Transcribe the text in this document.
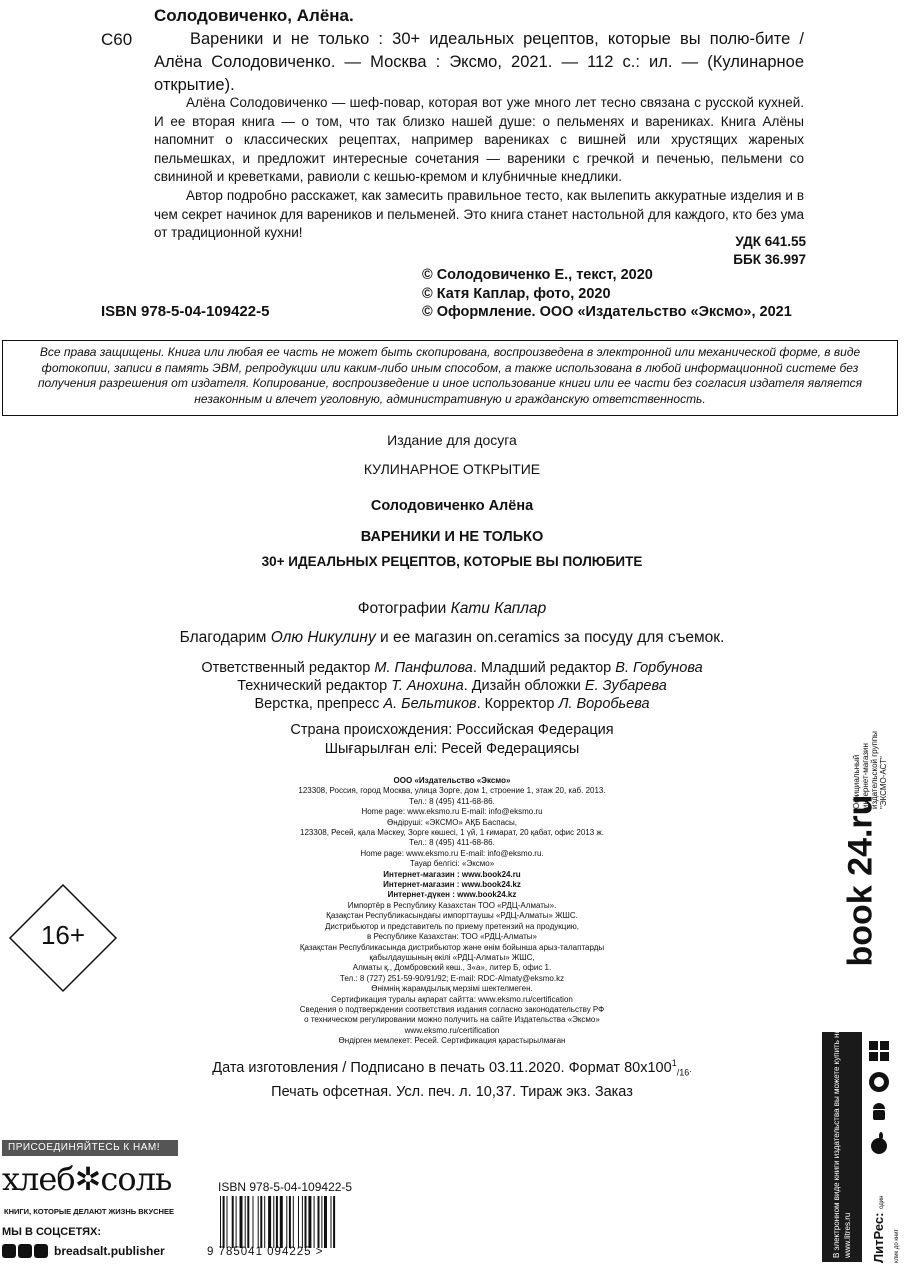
Солодовиченко, Алёна.
С60	Вареники и не только : 30+ идеальных рецептов, которые вы полю-бите / Алёна Солодовиченко. — Москва : Эксмо, 2021. — 112 с.: ил. — (Кулинарное открытие).

Алёна Солодовиченко — шеф-повар, которая вот уже много лет тесно связана с русской кухней. И ее вторая книга — о том, что так близко нашей душе: о пельменях и варениках. Книга Алёны напомнит о классических рецептах, например варениках с вишней или хрустящих жареных пельмешках, и предложит интересные сочетания — вареники с гречкой и печенью, пельмени со свининой и креветками, равиоли с кешью-кремом и клубничные кнедлики.

Автор подробно расскажет, как замесить правильное тесто, как вылепить аккуратные изделия и в чем секрет начинок для вареников и пельменей. Это книга станет настольной для каждого, кто без ума от традиционной кухни!

УДК 641.55
ББК 36.997
© Солодовиченко Е., текст, 2020
© Катя Каплар, фото, 2020
© Оформление. ООО «Издательство «Эксмо», 2021
ISBN 978-5-04-109422-5
Все права защищены. Книга или любая ее часть не может быть скопирована, воспроизведена в электронной или механической форме, в виде фотокопии, записи в память ЭВМ, репродукции или каким-либо иным способом, а также использована в любой информационной системе без получения разрешения от издателя. Копирование, воспроизведение и иное использование книги или ее части без согласия издателя является незаконным и влечет уголовную, административную и гражданскую ответственность.
Издание для досуга
КУЛИНАРНОЕ ОТКРЫТИЕ
Солодовиченко Алёна
ВАРЕНИКИ И НЕ ТОЛЬКО
30+ ИДЕАЛЬНЫХ РЕЦЕПТОВ, КОТОРЫЕ ВЫ ПОЛЮБИТЕ
Фотографии Кати Каплар
Благодарим Олю Никулину и ее магазин on.ceramics за посуду для съемок.
Ответственный редактор М. Панфилова. Младший редактор В. Горбунова
Технический редактор Т. Анохина. Дизайн обложки Е. Зубарева
Верстка, препресс А. Бельтиков. Корректор Л. Воробьева
Страна происхождения: Российская Федерация
Шығарылған елі: Ресей Федерациясы
ООО «Издательство «Эксмо»
123308, Россия, город Москва, улица Зорге, дом 1, строение 1, этаж 20, каб. 2013.
Тел.: 8 (495) 411-68-86.
Home page: www.eksmo.ru E-mail: info@eksmo.ru
Өндіруші: «ЭКСМО» АҚБ Баспасы,
123308, Ресей, қала Мәскеу, Зорге көшесі, 1 үй, 1 ғимарат, 20 қабат, офис 2013 ж.
Тел.: 8 (495) 411-68-86.
Home page: www.eksmo.ru E-mail: info@eksmo.ru.
Тауар белгісі: «Эксмо»
Интернет-магазин : www.book24.ru
Интернет-магазин : www.book24.kz
Интернет-дүкен : www.book24.kz
Импортёр в Республику Казахстан ТОО «РДЦ-Алматы».
Қазақстан Республикасындағы импорттаушы «РДЦ-Алматы» ЖШС.
Дистрибьютор и представитель по приему претензий на продукцию,
в Республике Казахстан: ТОО «РДЦ-Алматы»
Қазақстан Республикасында дистрибьютор және өнім бойынша арыз-талаптарды
қабылдаушының өкілі «РДЦ-Алматы» ЖШС,
Алматы қ., Домбровский көш., 3«а», литер Б, офис 1.
Тел.: 8 (727) 251-59-90/91/92; E-mail: RDC-Almaty@eksmo.kz
Өнімнің жарамдылық мерзімі шектелмеген.
Сертификация туралы ақпарат сайтта: www.eksmo.ru/certification
Сведения о подтверждении соответствия издания согласно законодательству РФ
о техническом регулировании можно получить на сайте Издательства «Эксмо»
www.eksmo.ru/certification
Өндірген мемлекет: Ресей. Сертификация қарастырылмаған
Дата изготовления / Подписано в печать 03.11.2020. Формат $80x100^1_{/16}$.
Печать офсетная. Усл. печ. л. 10,37. Тираж экз. Заказ
16+
Официальный интернет-магазин издательской группы "ЭКСМО-АСТ"
book 24.ru
В электронном виде книги издательства вы можете купить на www.litres.ru
ЛитРес: один клик до книг
ПРИСОЕДИНЯЙТЕСЬ К НАМ!
хлеб✲соль
КНИГИ, КОТОРЫЕ ДЕЛАЮТ ЖИЗНЬ ВКУСНЕЕ
МЫ В СОЦСЕТЯХ:
breadsalt.publisher
ISBN 978-5-04-109422-5
9 785041 094225 >
